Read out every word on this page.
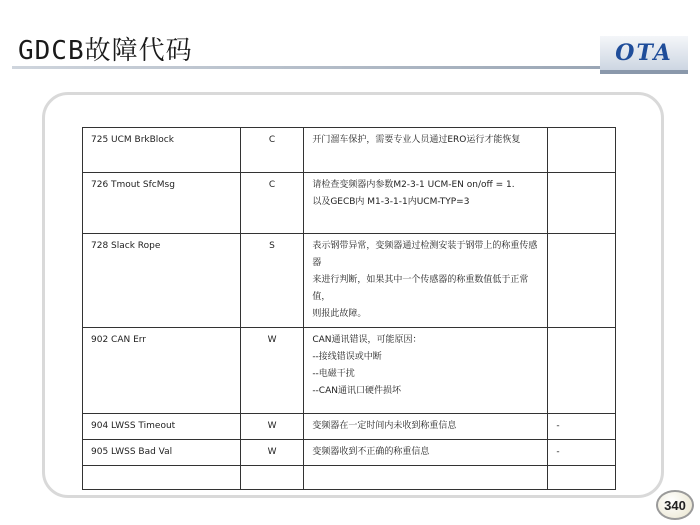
GDCB故障代码	OTA
725 UCM BrkBlock	C	开门溜车保护，需要专业人员通过ERO运行才能恢复	

726 Tmout SfcMsg	C	请检查变频器内参数M2-3-1 UCM-EN on/off = 1.
以及GECB内 M1-3-1-1内UCM-TYP=3	

728 Slack Rope	S	表示钢带异常，变频器通过检测安装于钢带上的称重传感器
来进行判断，如果其中一个传感器的称重数值低于正常值，
则报此故障。	

902 CAN Err	W	CAN通讯错误，可能原因：
--接线错误或中断
--电磁干扰
--CAN通讯口硬件损坏	

904 LWSS Timeout	W	变频器在一定时间内未收到称重信息	-
905 LWSS Bad Val	W	变频器收到不正确的称重信息	-

340
